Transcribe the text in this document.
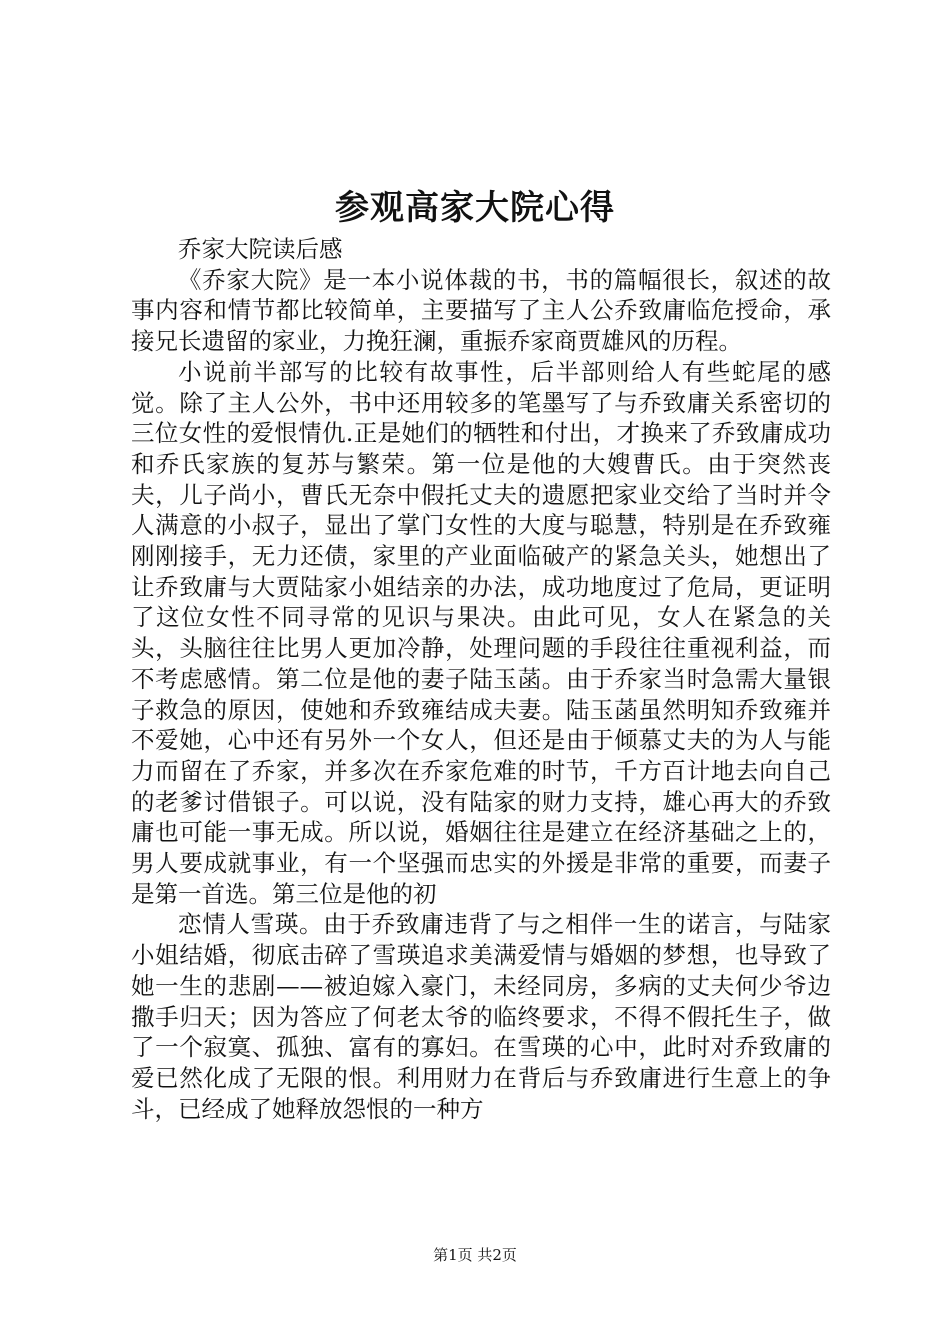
参观高家大院心得

乔家大院读后感

《乔家大院》是一本小说体裁的书，书的篇幅很长，叙述的故事内容和情节都比较简单，主要描写了主人公乔致庸临危授命，承接兄长遗留的家业，力挽狂澜，重振乔家商贾雄风的历程。

小说前半部写的比较有故事性，后半部则给人有些蛇尾的感觉。除了主人公外，书中还用较多的笔墨写了与乔致庸关系密切的三位女性的爱恨情仇.正是她们的牺牲和付出，才换来了乔致庸成功和乔氏家族的复苏与繁荣。第一位是他的大嫂曹氏。由于突然丧夫，儿子尚小，曹氏无奈中假托丈夫的遗愿把家业交给了当时并令人满意的小叔子，显出了掌门女性的大度与聪慧，特别是在乔致雍刚刚接手，无力还债，家里的产业面临破产的紧急关头，她想出了让乔致庸与大贾陆家小姐结亲的办法，成功地度过了危局，更证明了这位女性不同寻常的见识与果决。由此可见，女人在紧急的关头，头脑往往比男人更加冷静，处理问题的手段往往重视利益，而不考虑感情。第二位是他的妻子陆玉菡。由于乔家当时急需大量银子救急的原因，使她和乔致雍结成夫妻。陆玉菡虽然明知乔致雍并不爱她，心中还有另外一个女人，但还是由于倾慕丈夫的为人与能力而留在了乔家，并多次在乔家危难的时节，千方百计地去向自己的老爹讨借银子。可以说，没有陆家的财力支持，雄心再大的乔致庸也可能一事无成。所以说，婚姻往往是建立在经济基础之上的，男人要成就事业，有一个坚强而忠实的外援是非常的重要，而妻子是第一首选。第三位是他的初

恋情人雪瑛。由于乔致庸违背了与之相伴一生的诺言，与陆家小姐结婚，彻底击碎了雪瑛追求美满爱情与婚姻的梦想，也导致了她一生的悲剧——被迫嫁入豪门，未经同房，多病的丈夫何少爷边撒手归天；因为答应了何老太爷的临终要求，不得不假托生子，做了一个寂寞、孤独、富有的寡妇。在雪瑛的心中，此时对乔致庸的爱已然化成了无限的恨。利用财力在背后与乔致庸进行生意上的争斗，已经成了她释放怨恨的一种方

第1页 共2页
